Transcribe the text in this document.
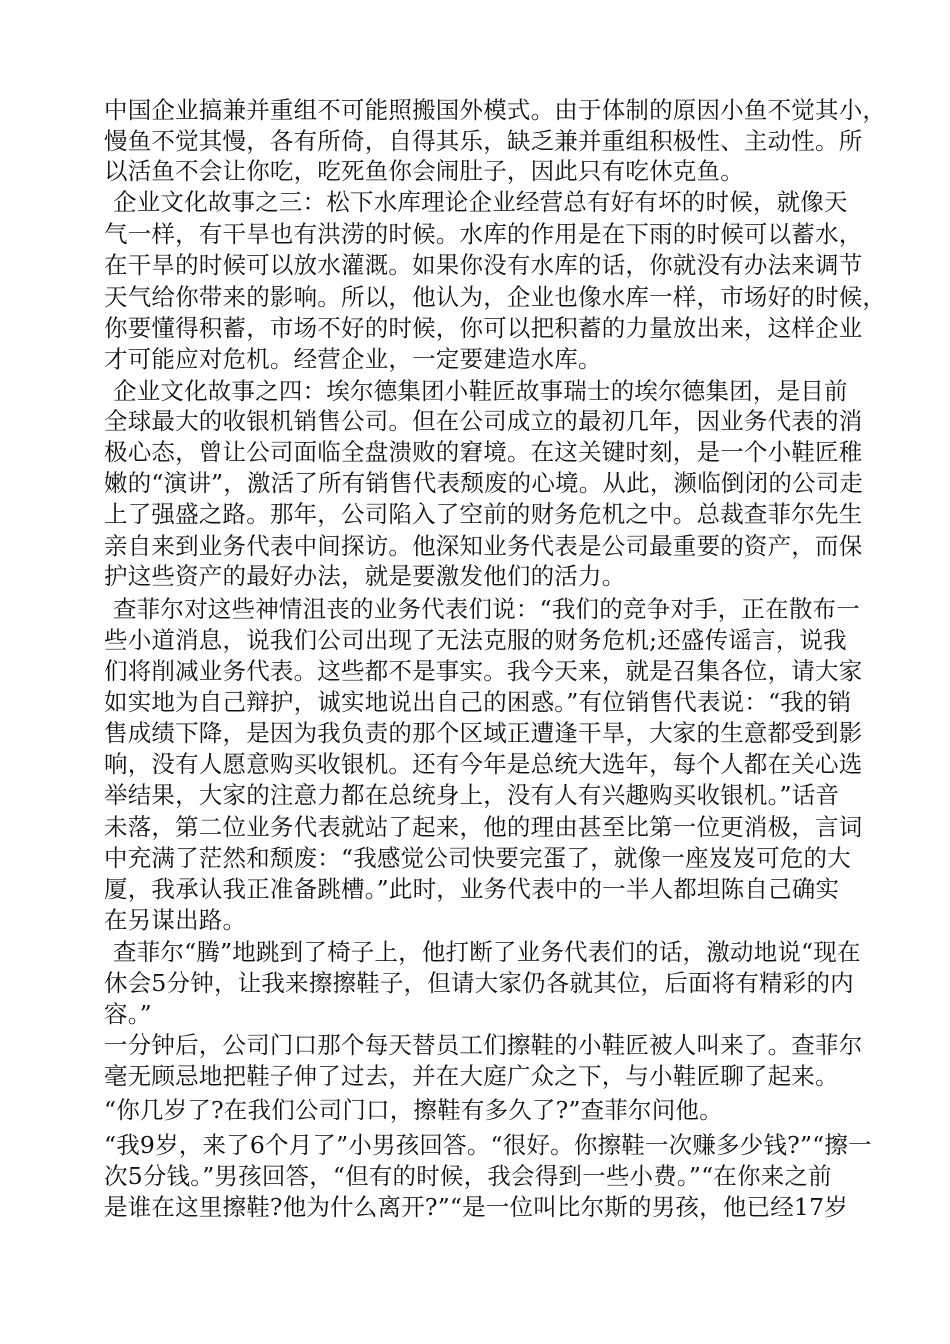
中国企业搞兼并重组不可能照搬国外模式。由于体制的原因小鱼不觉其小，
慢鱼不觉其慢，各有所倚，自得其乐，缺乏兼并重组积极性、主动性。所
以活鱼不会让你吃，吃死鱼你会闹肚子，因此只有吃休克鱼。
企业文化故事之三：松下水库理论企业经营总有好有坏的时候，就像天
气一样，有干旱也有洪涝的时候。水库的作用是在下雨的时候可以蓄水，
在干旱的时候可以放水灌溉。如果你没有水库的话，你就没有办法来调节
天气给你带来的影响。所以，他认为，企业也像水库一样，市场好的时候，
你要懂得积蓄，市场不好的时候，你可以把积蓄的力量放出来，这样企业
才可能应对危机。经营企业，一定要建造水库。
企业文化故事之四：埃尔德集团小鞋匠故事瑞士的埃尔德集团，是目前
全球最大的收银机销售公司。但在公司成立的最初几年，因业务代表的消
极心态，曾让公司面临全盘溃败的窘境。在这关键时刻，是一个小鞋匠稚
嫩的“演讲”，激活了所有销售代表颓废的心境。从此，濒临倒闭的公司走
上了强盛之路。那年，公司陷入了空前的财务危机之中。总裁查菲尔先生
亲自来到业务代表中间探访。他深知业务代表是公司最重要的资产，而保
护这些资产的最好办法，就是要激发他们的活力。
查菲尔对这些神情沮丧的业务代表们说：“我们的竞争对手，正在散布一
些小道消息，说我们公司出现了无法克服的财务危机;还盛传谣言，说我
们将削减业务代表。这些都不是事实。我今天来，就是召集各位，请大家
如实地为自己辩护，诚实地说出自己的困惑。”有位销售代表说：“我的销
售成绩下降，是因为我负责的那个区域正遭逢干旱，大家的生意都受到影
响，没有人愿意购买收银机。还有今年是总统大选年，每个人都在关心选
举结果，大家的注意力都在总统身上，没有人有兴趣购买收银机。”话音
未落，第二位业务代表就站了起来，他的理由甚至比第一位更消极，言词
中充满了茫然和颓废：“我感觉公司快要完蛋了，就像一座岌岌可危的大
厦，我承认我正准备跳槽。”此时，业务代表中的一半人都坦陈自己确实
在另谋出路。
查菲尔“腾”地跳到了椅子上，他打断了业务代表们的话，激动地说“现在
休会5分钟，让我来擦擦鞋子，但请大家仍各就其位，后面将有精彩的内
容。”
一分钟后，公司门口那个每天替员工们擦鞋的小鞋匠被人叫来了。查菲尔
毫无顾忌地把鞋子伸了过去，并在大庭广众之下，与小鞋匠聊了起来。
“你几岁了?在我们公司门口，擦鞋有多久了?”查菲尔问他。
“我9岁，来了6个月了”小男孩回答。“很好。你擦鞋一次赚多少钱?”“擦一
次5分钱。”男孩回答，“但有的时候，我会得到一些小费。”“在你来之前
是谁在这里擦鞋?他为什么离开?”“是一位叫比尔斯的男孩，他已经17岁
